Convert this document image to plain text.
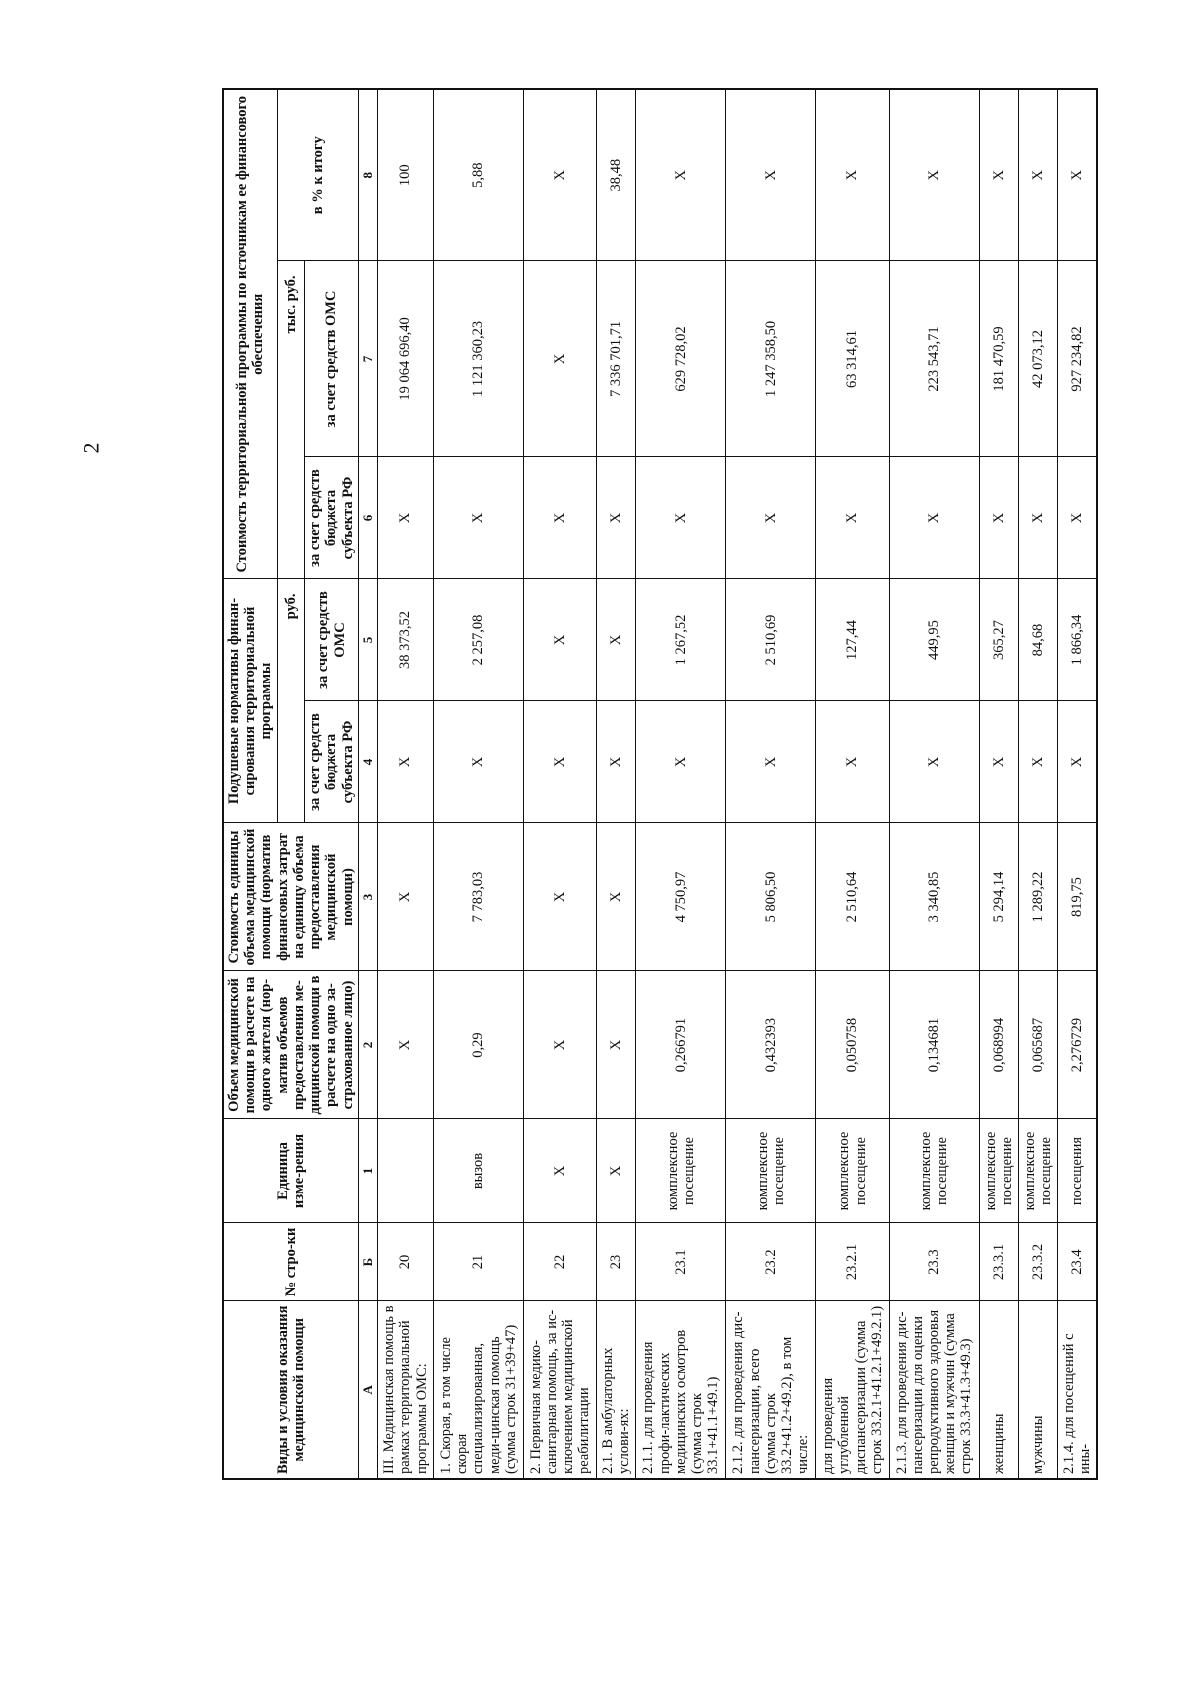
2
Виды и условия оказания медицинской помощи	№ стро-ки	Единица изме-рения	Объем медицинской помощи в расчете на одного жителя (нор-матив объемов предоставления ме-дицинской помощи в расчете на одно за-страхованное лицо)	Стоимость единицы объема медицинской помощи (норматив финансовых затрат на единицу объема предоставления медицинской помощи)	Подушевые нормативы финан-сирования территориальной программы		Стоимость территориальной программы по источникам ее финансового обеспечения		
					руб.		тыс. руб.		в % к итогу
					за счет средств бюджета субъекта РФ	за счет средств ОМС	за счет средств бюджета субъекта РФ	за счет средств ОМС	
А	Б	1	2	3	4	5	6	7	8
III. Медицинская помощь в рамках территориальной программы ОМС:	20		X	X	X	38 373,52	X	19 064 696,40	100
1. Скорая, в том числе скорая специализированная, меди-цинская помощь (сумма строк 31+39+47)	21	вызов	0,29	7 783,03	X	2 257,08	X	1 121 360,23	5,88
2. Первичная медико-санитарная помощь, за ис-ключением медицинской реабилитации	22	X	X	X	X	X	X	X	X
2.1. В амбулаторных услови-ях:	23	X	X	X	X	X	X	7 336 701,71	38,48
2.1.1. для проведения профи-лактических медицинских осмотров (сумма строк 33.1+41.1+49.1)	23.1	комплексное посещение	0,266791	4 750,97	X	1 267,52	X	629 728,02	X
2.1.2. для проведения дис-пансеризации, всего (сумма строк 33.2+41.2+49.2), в том числе:	23.2	комплексное посещение	0,432393	5 806,50	X	2 510,69	X	1 247 358,50	X
для проведения углубленной диспансеризации (сумма строк 33.2.1+41.2.1+49.2.1)	23.2.1	комплексное посещение	0,050758	2 510,64	X	127,44	X	63 314,61	X
2.1.3. для проведения дис-пансеризации для оценки репродуктивного здоровья женщин и мужчин (сумма строк 33.3+41.3+49.3)	23.3	комплексное посещение	0,134681	3 340,85	X	449,95	X	223 543,71	X
женщины	23.3.1	комплексное посещение	0,068994	5 294,14	X	365,27	X	181 470,59	X
мужчины	23.3.2	комплексное посещение	0,065687	1 289,22	X	84,68	X	42 073,12	X
2.1.4. для посещений с ины-	23.4	посещения	2,276729	819,75	X	1 866,34	X	927 234,82	X
